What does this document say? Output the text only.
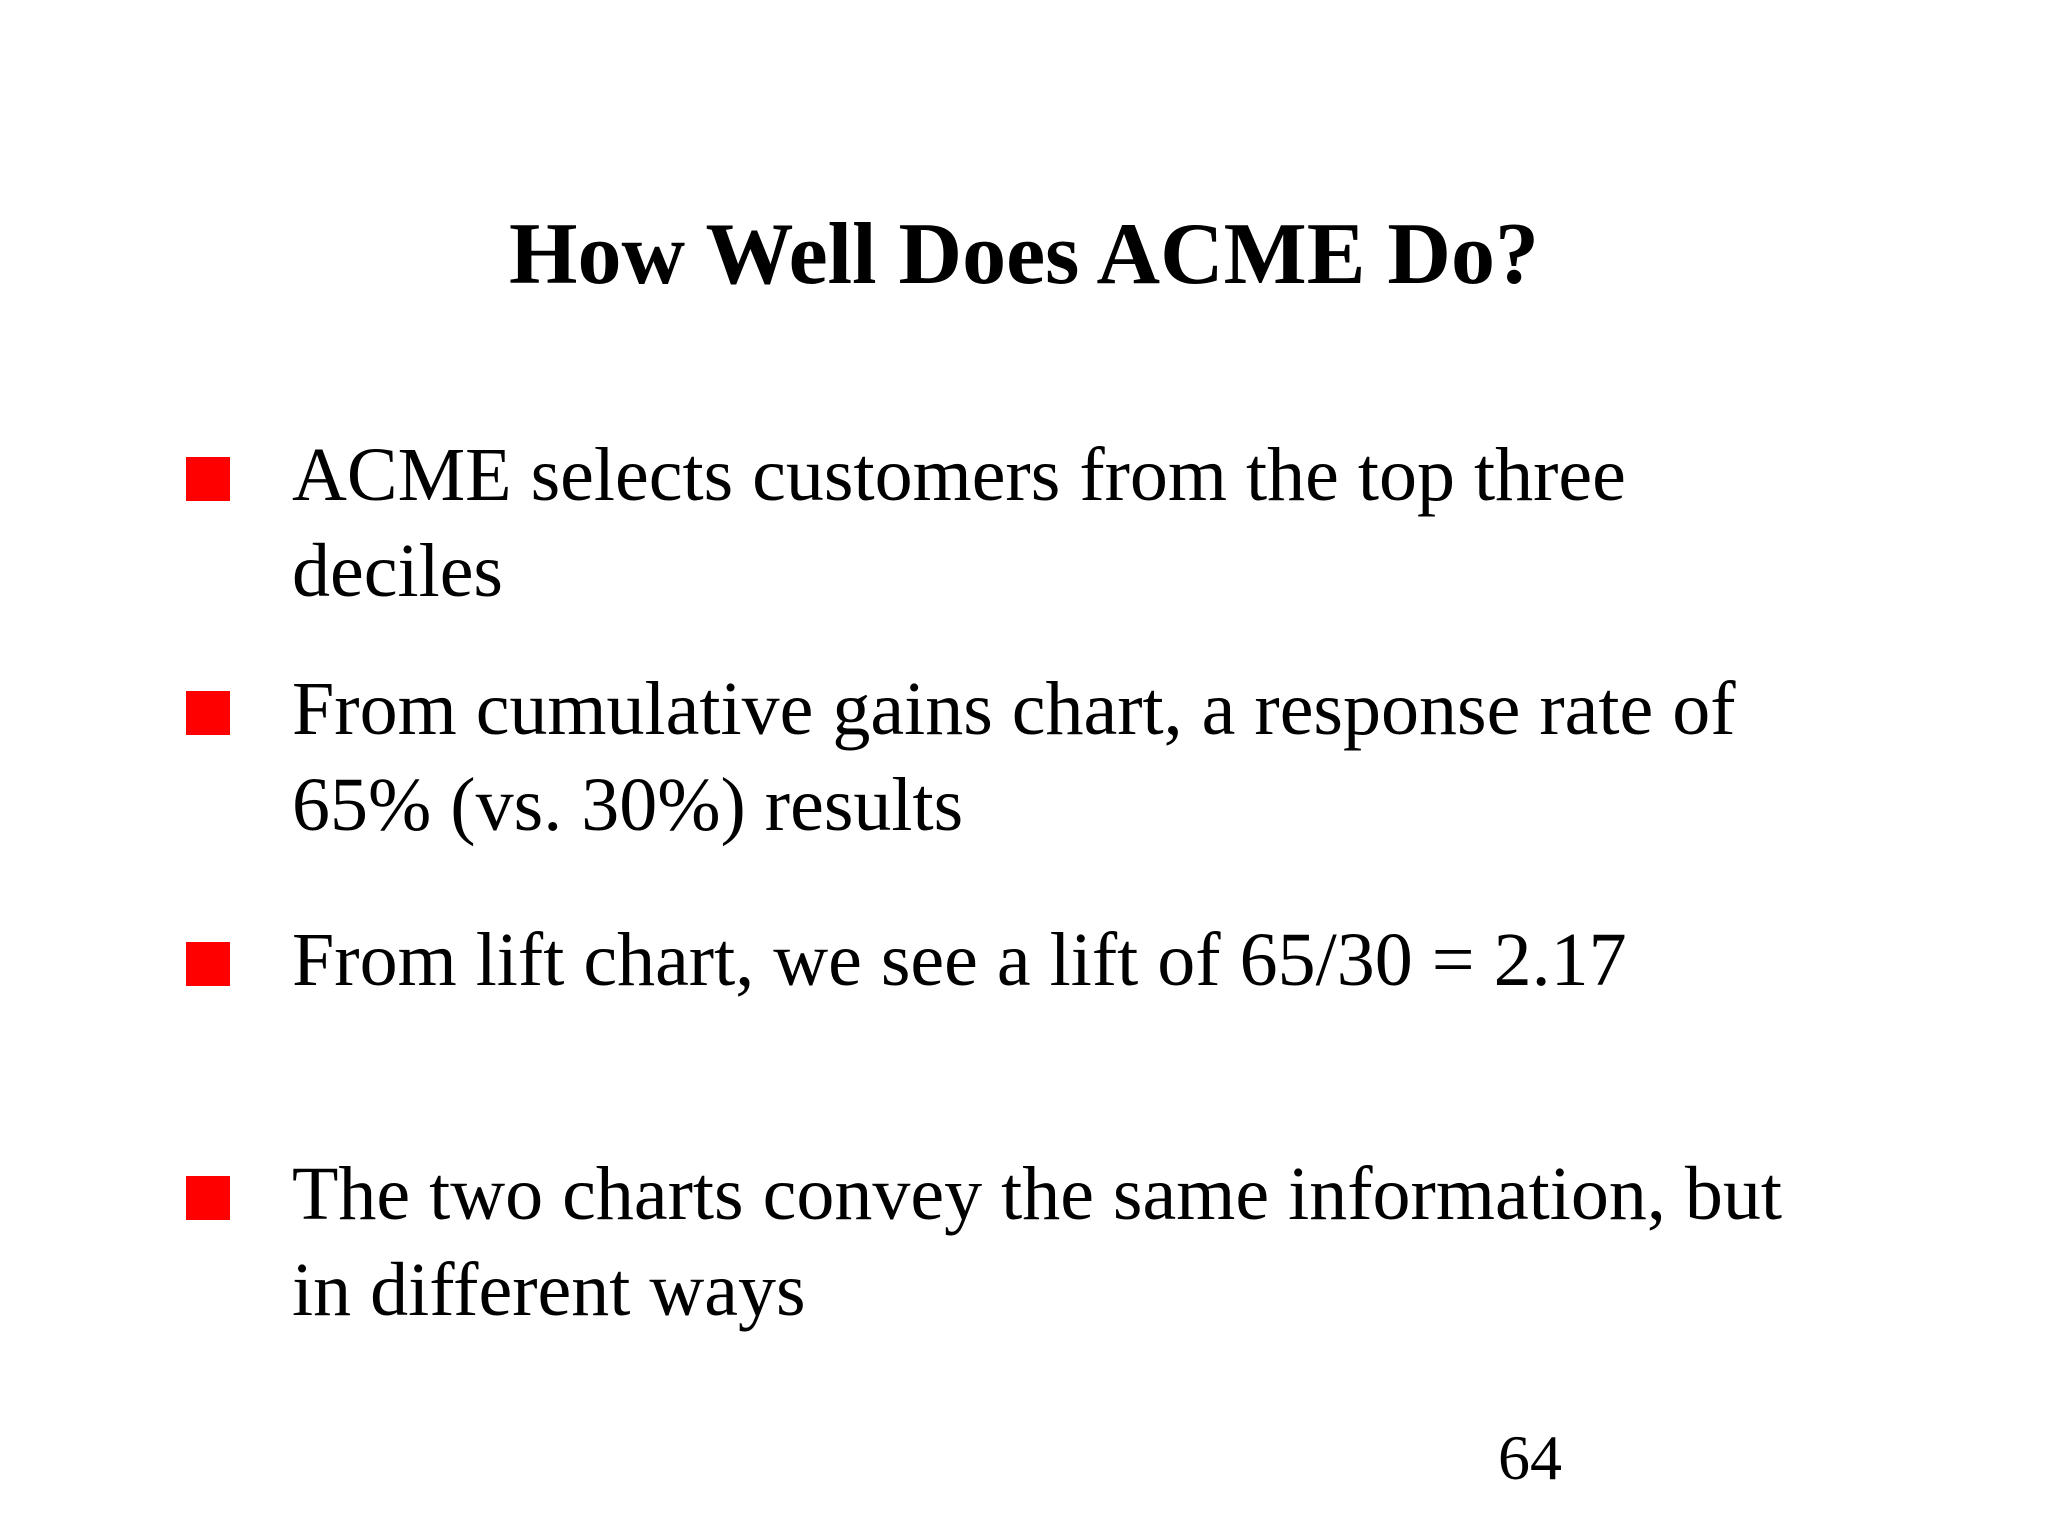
How Well Does ACME Do?
ACME selects customers from the top three
deciles
From cumulative gains chart, a response rate of
65% (vs. 30%) results
From lift chart, we see a lift of 65/30 = 2.17
The two charts convey the same information, but
in different ways
64
